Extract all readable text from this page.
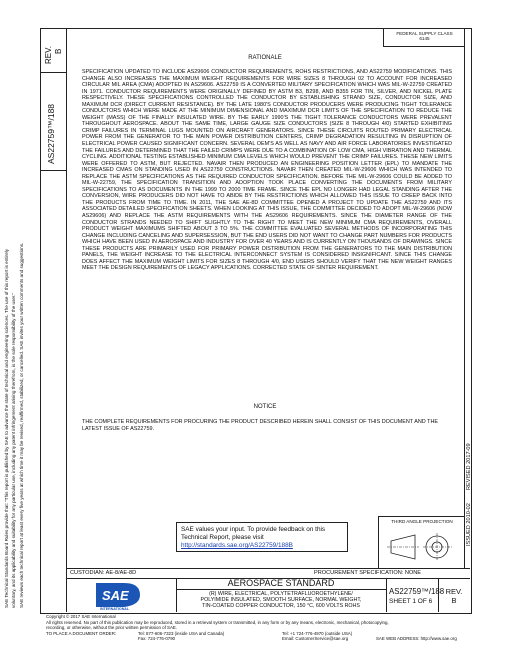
REV. B
AS22759™/188
SAE Technical Standards Board Rules provide that: "This report is published by SAE to advance the state of technical and engineering sciences. The use of this report is entirely voluntary, and its applicability and suitability for any particular use, including any patent infringement arising therefrom, is the sole responsibility of the user." SAE reviews each technical report at least every five years at which time it may be revised, reaffirmed, stabilized, or cancelled. SAE invites your written comments and suggestions.	ISSUED 2010-02
REVISED 2017-09
FEDERAL SUPPLY CLASS
6145
RATIONALE
SPECIFICATION UPDATED TO INCLUDE AS29606 CONDUCTOR REQUIREMENTS, ROHS RESTRICTIONS, AND AS22759 MODIFICATIONS. THIS CHANGE ALSO INCREASES THE MAXIMUM WEIGHT REQUIREMENTS FOR WIRE SIZES 8 THROUGH 02 TO ACCOUNT FOR INCREASED CIRCULAR MIL AREA (CMA) ADOPTED IN AS29606. AS22759 IS A CONVERTED MILITARY SPECIFICATION WHICH WAS MIL-W-22759 CREATED IN 1971. CONDUCTOR REQUIREMENTS WERE ORIGINALLY DEFINED BY ASTM B3, B298, AND B355 FOR TIN, SILVER, AND NICKEL PLATE RESPECTIVELY. THESE SPECIFICATIONS CONTROLLED THE CONDUCTOR BY ESTABLISHING STRAND SIZE, CONDUCTOR SIZE, AND MAXIMUM DCR (DIRECT CURRENT RESISTANCE). BY THE LATE 1980'S CONDUCTOR PRODUCERS WERE PRODUCING TIGHT TOLERANCE CONDUCTORS WHICH WERE MADE AT THE MINIMUM DIMENSIONAL AND MAXIMUM DCR LIMITS OF THE SPECIFICATION TO REDUCE THE WEIGHT (MASS) OF THE FINALLY INSULATED WIRE. BY THE EARLY 1990'S THE TIGHT TOLERANCE CONDUCTORS WERE PREVALENT THROUGHOUT AEROSPACE. ABOUT THE SAME TIME, LARGE GAUGE SIZE CONDUCTORS (SIZE 8 THROUGH 4/0) STARTED EXHIBITING CRIMP FAILURES IN TERMINAL LUGS MOUNTED ON AIRCRAFT GENERATORS. SINCE THESE CIRCUITS ROUTED PRIMARY ELECTRICAL POWER FROM THE GENERATOR TO THE MAIN POWER DISTRIBUTION CENTERS, CRIMP DEGRADATION RESULTING IN DISRUPTION OF ELECTRICAL POWER CAUSED SIGNIFICANT CONCERN. SEVERAL OEM'S AS WELL AS NAVY AND AIR FORCE LABORATORIES INVESTIGATED THE FAILURES AND DETERMINED THAT THE FAILED CRIMPS WERE DUE TO A COMBINATION OF LOW CMA, HIGH VIBRATION AND THERMAL CYCLING. ADDITIONAL TESTING ESTABLISHED MINIMUM CMA LEVELS WHICH WOULD PREVENT THE CRIMP FAILURES. THESE NEW LIMITS WERE OFFERED TO ASTM, BUT REJECTED. NAVAIR THEN PRODUCED AN ENGINEERING POSITION LETTER (EPL) TO MANDATE THE INCREASED CMAS ON STANDING USED IN AS22759 CONSTRUCTIONS. NAVAIR THEN CREATED MIL-W-29606 WHICH WAS INTENDED TO REPLACE THE ASTM SPECIFICATIONS AS THE REQUIRED CONDUCTOR SPECIFICATION. BEFORE THE MIL-W-29606 COULD BE ADDED TO MIL-W-22759, THE SPECIFICATION TRANSITION AND ADOPTION TOOK PLACE CONVERTING THE DOCUMENTS FROM MILITARY SPECIFICATIONS TO AS DOCUMENTS IN THE 1999 TO 2000 TIME FRAME. SINCE THE EPL NO LONGER HAD LEGAL STANDING AFTER THE CONVERSION, WIRE PRODUCERS DID NOT HAVE TO ABIDE BY THE RESTRICTIONS WHICH ALLOWED THIS ISSUE TO CREEP BACK INTO THE PRODUCTS FROM TIME TO TIME. IN 2011, THE SAE AE-8D COMMITTEE OPENED A PROJECT TO UPDATE THE AS22759 AND ITS ASSOCIATED DETAILED SPECIFICATION SHEETS. WHEN LOOKING AT THIS ISSUE, THE COMMITTEE DECIDED TO ADOPT MIL-W-29606 (NOW AS29606) AND REPLACE THE ASTM REQUIREMENTS WITH THE AS29606 REQUIREMENTS. SINCE THE DIAMETER RANGE OF THE CONDUCTOR STRANDS NEEDED TO SHIFT SLIGHTLY TO THE RIGHT TO MEET THE NEW MINIMUM CMA REQUIREMENTS, OVERALL PRODUCT WEIGHT MAXIMUMS SHIFTED ABOUT 3 TO 5%. THE COMMITTEE EVALUATED SEVERAL METHODS OF INCORPORATING THIS CHANGE INCLUDING CANCELING AND SUPERSESSION, BUT THE END USERS DID NOT WANT TO CHANGE PART NUMBERS FOR PRODUCTS WHICH HAVE BEEN USED IN AEROSPACE AND INDUSTRY FOR OVER 40 YEARS AND IS CURRENTLY ON THOUSANDS OF DRAWINGS. SINCE THESE PRODUCTS ARE PRIMARILY USED FOR PRIMARY POWER DISTRIBUTION FROM THE GENERATORS TO THE MAIN DISTRIBUTION PANELS, THE WEIGHT INCREASE TO THE ELECTRICAL INTERCONNECT SYSTEM IS CONSIDERED INSIGNIFICANT. SINCE THIS CHANGE DOES AFFECT THE MAXIMUM WEIGHT LIMITS FOR SIZES 8 THROUGH 4/0, END USERS SHOULD VERIFY THAT THE NEW WEIGHT RANGES MEET THE DESIGN REQUIREMENTS OF LEGACY APPLICATIONS. CORRECTED STATE OF SINTER REQUIREMENT.
NOTICE
THE COMPLETE REQUIREMENTS FOR PROCURING THE PRODUCT DESCRIBED HEREIN SHALL CONSIST OF THIS DOCUMENT AND THE LATEST ISSUE OF AS22759.
SAE values your input. To provide feedback on this
Technical Report, please visit
http://standards.sae.org/AS22759/188B
THIRD ANGLE PROJECTION
CUSTODIAN: AE-8/AE-8D	PROCUREMENT SPECIFICATION: NONE
SAE
INTERNATIONAL
AEROSPACE STANDARD
(R) WIRE, ELECTRICAL, POLYTETRAFLUOROETHYLENE/ POLYIMIDE INSULATED, SMOOTH SURFACE, NORMAL WEIGHT, TIN-COATED COPPER CONDUCTOR, 150 °C, 600 VOLTS ROHS
AS22759™/188
SHEET 1 OF 6
REV.
B
Copyright © 2017 SAE International
All rights reserved. No part of this publication may be reproduced, stored in a retrieval system or transmitted, in any form or by any means, electronic, mechanical, photocopying,
recording, or otherwise, without the prior written permission of SAE.
TO PLACE A DOCUMENT ORDER:	Tel: 877-606-7323 (inside USA and Canada)	Tel: +1 724-776-4970 (outside USA)
Fax: 724-776-0790	Email: CustomerService@sae.org	SAE WEB ADDRESS: http://www.sae.org
